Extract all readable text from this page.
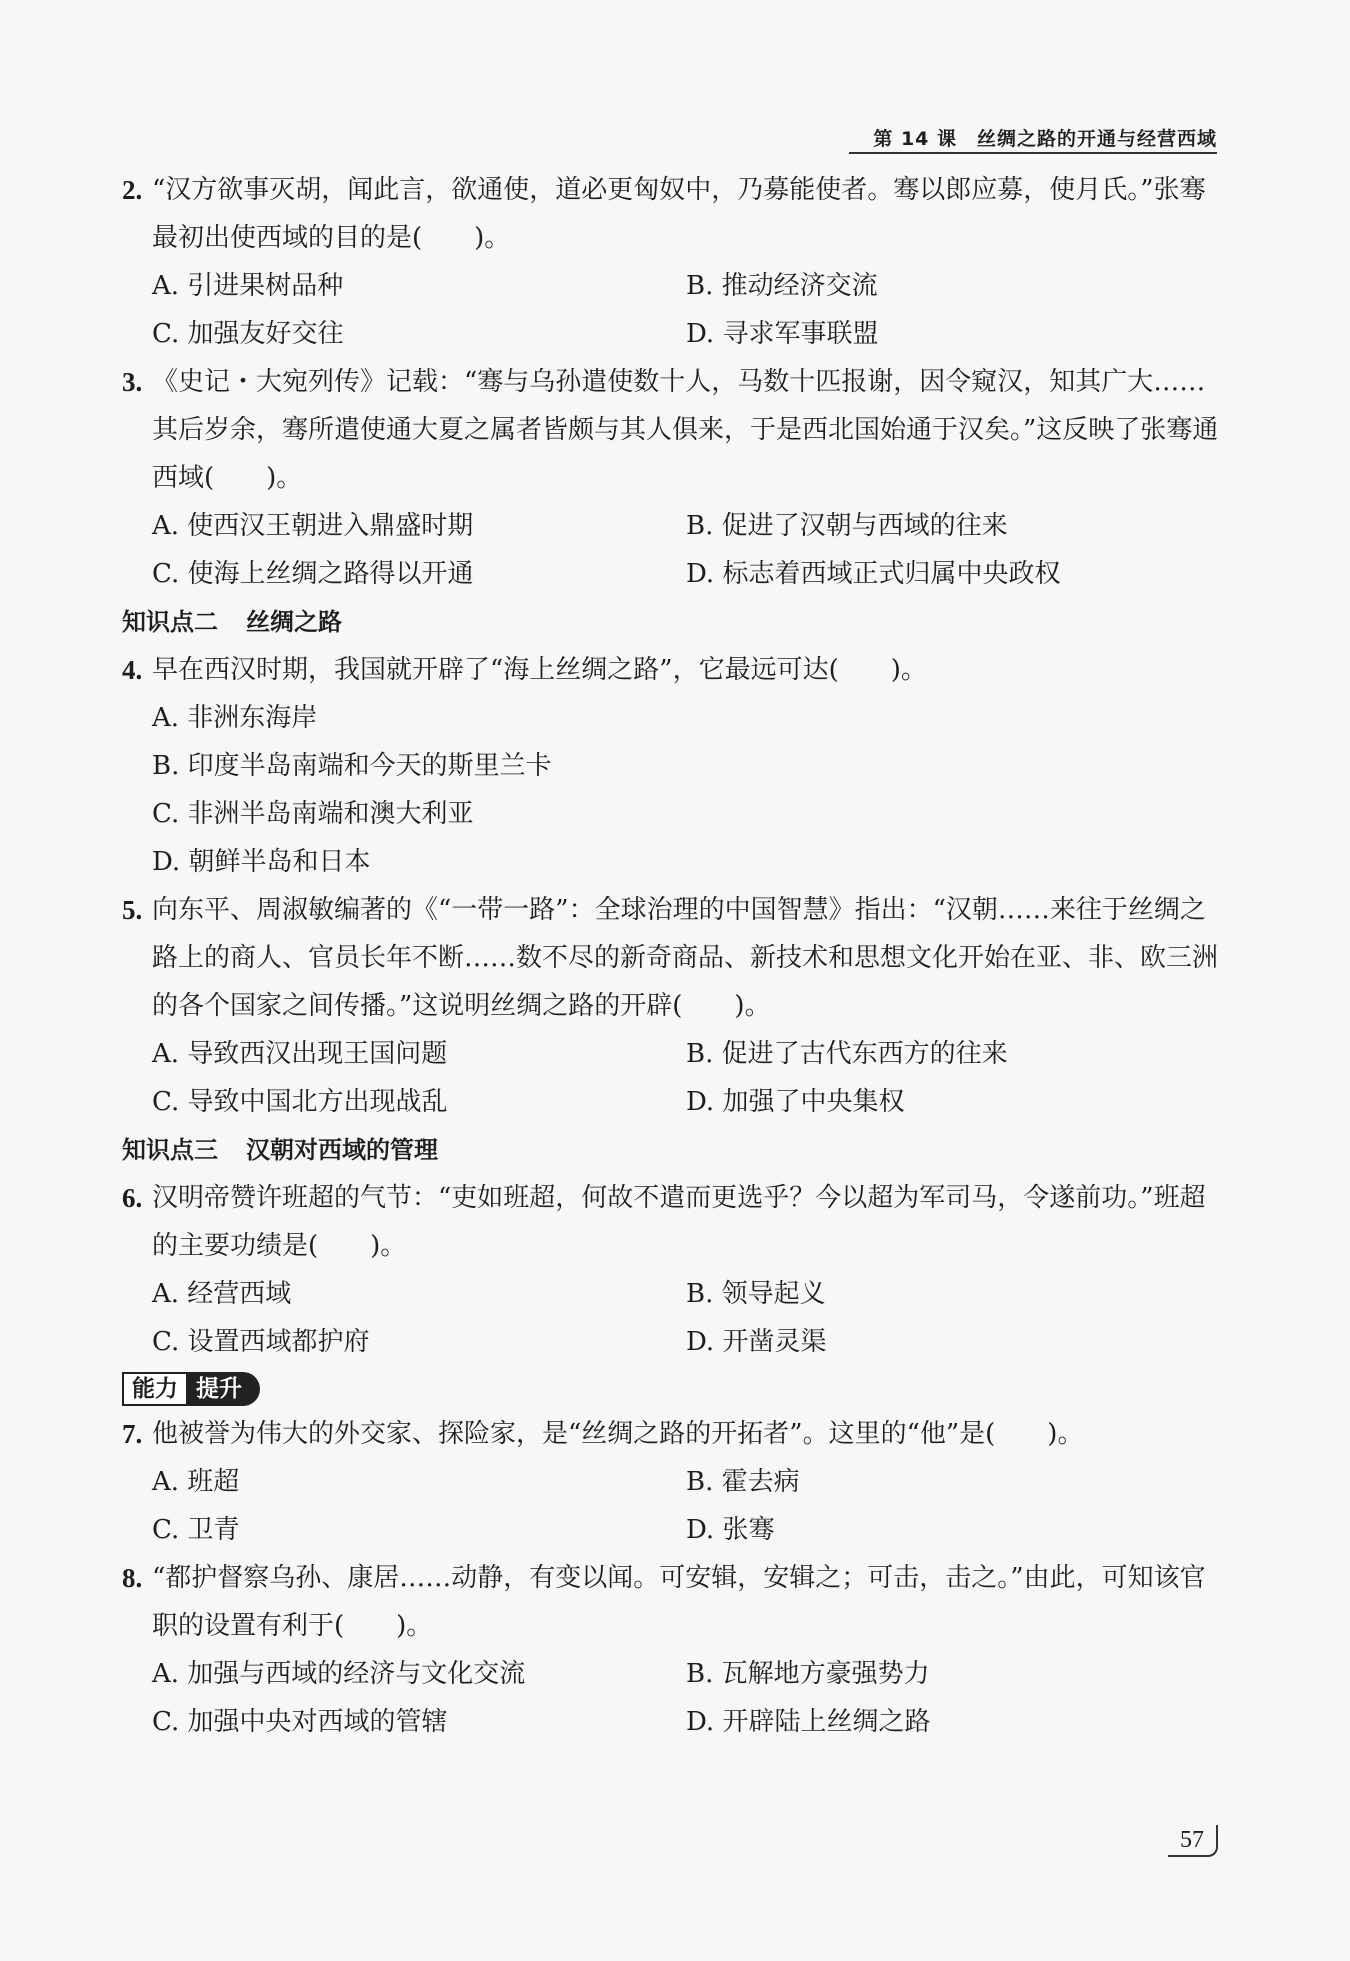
第 14 课　丝绸之路的开通与经营西域
2. “汉方欲事灭胡，闻此言，欲通使，道必更匈奴中，乃募能使者。骞以郎应募，使月氏。”张骞最初出使西域的目的是(　　)。
A. 引进果树品种	B. 推动经济交流
C. 加强友好交往	D. 寻求军事联盟
3. 《史记・大宛列传》记载：“骞与乌孙遣使数十人，马数十匹报谢，因令窥汉，知其广大……其后岁余，骞所遣使通大夏之属者皆颇与其人俱来，于是西北国始通于汉矣。”这反映了张骞通西域(　　)。
A. 使西汉王朝进入鼎盛时期	B. 促进了汉朝与西域的往来
C. 使海上丝绸之路得以开通	D. 标志着西域正式归属中央政权
知识点二 丝绸之路
4. 早在西汉时期，我国就开辟了“海上丝绸之路”，它最远可达(　　)。
A. 非洲东海岸
B. 印度半岛南端和今天的斯里兰卡
C. 非洲半岛南端和澳大利亚
D. 朝鲜半岛和日本
5. 向东平、周淑敏编著的《“一带一路”：全球治理的中国智慧》指出：“汉朝……来往于丝绸之路上的商人、官员长年不断……数不尽的新奇商品、新技术和思想文化开始在亚、非、欧三洲的各个国家之间传播。”这说明丝绸之路的开辟(　　)。
A. 导致西汉出现王国问题	B. 促进了古代东西方的往来
C. 导致中国北方出现战乱	D. 加强了中央集权
知识点三 汉朝对西域的管理
6. 汉明帝赞许班超的气节：“吏如班超，何故不遣而更选乎？今以超为军司马，令遂前功。”班超的主要功绩是(　　)。
A. 经营西域	B. 领导起义
C. 设置西域都护府	D. 开凿灵渠
能力 提升
7. 他被誉为伟大的外交家、探险家，是“丝绸之路的开拓者”。这里的“他”是(　　)。
A. 班超	B. 霍去病
C. 卫青	D. 张骞
8. “都护督察乌孙、康居……动静，有变以闻。可安辑，安辑之；可击，击之。”由此，可知该官职的设置有利于(　　)。
A. 加强与西域的经济与文化交流	B. 瓦解地方豪强势力
C. 加强中央对西域的管辖	D. 开辟陆上丝绸之路
57
